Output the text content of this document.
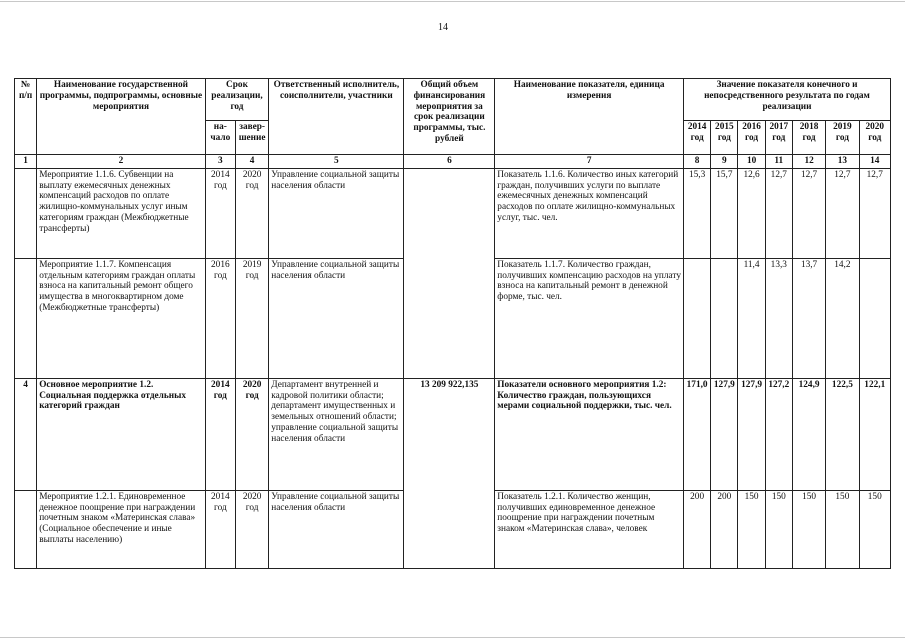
14
№ п/п	Наименование государственной программы, подпрограммы, основные мероприятия	Срок реализации, год		Ответственный исполнитель, соисполнители, участники	Общий объем финансирования мероприятия за срок реализации программы, тыс. рублей	Наименование показателя, единица измерения	Значение показателя конечного и непосредственного результата по годам реализации						
		на-чало	завер-шение				2014 год	2015 год	2016 год	2017 год	2018 год	2019 год	2020 год
1	2	3	4	5	6	7	8	9	10	11	12	13	14
	Мероприятие 1.1.6. Субвенции на выплату ежемесячных денежных компенсаций расходов по оплате жилищно-коммунальных услуг иным категориям граждан (Межбюджетные трансферты)	2014 год	2020 год	Управление социальной защиты населения области		Показатель 1.1.6. Количество иных категорий граждан, получивших услуги по выплате ежемесячных денежных компенсаций расходов по оплате жилищно-коммунальных услуг, тыс. чел.	15,3	15,7	12,6	12,7	12,7	12,7	12,7
	Мероприятие 1.1.7. Компенсация отдельным категориям граждан оплаты взноса на капитальный ремонт общего имущества в многоквартирном доме (Межбюджетные трансферты)	2016 год	2019 год	Управление социальной защиты населения области		Показатель 1.1.7. Количество граждан, получивших компенсацию расходов на уплату взноса на капитальный ремонт в денежной форме, тыс. чел.			11,4	13,3	13,7	14,2	
4	Основное мероприятие 1.2. Социальная поддержка отдельных категорий граждан	2014 год	2020 год	Департамент внутренней и кадровой политики области; департамент имущественных и земельных отношений области; управление социальной защиты населения области	13 209 922,135	Показатели основного мероприятия 1.2: Количество граждан, пользующихся мерами социальной поддержки, тыс. чел.	171,0	127,9	127,9	127,2	124,9	122,5	122,1
	Мероприятие 1.2.1. Единовременное денежное поощрение при награждении почетным знаком «Материнская слава» (Социальное обеспечение и иные выплаты населению)	2014 год	2020 год	Управление социальной защиты населения области		Показатель 1.2.1. Количество женщин, получивших единовременное денежное поощрение при награждении почетным знаком «Материнская слава», человек	200	200	150	150	150	150	150
